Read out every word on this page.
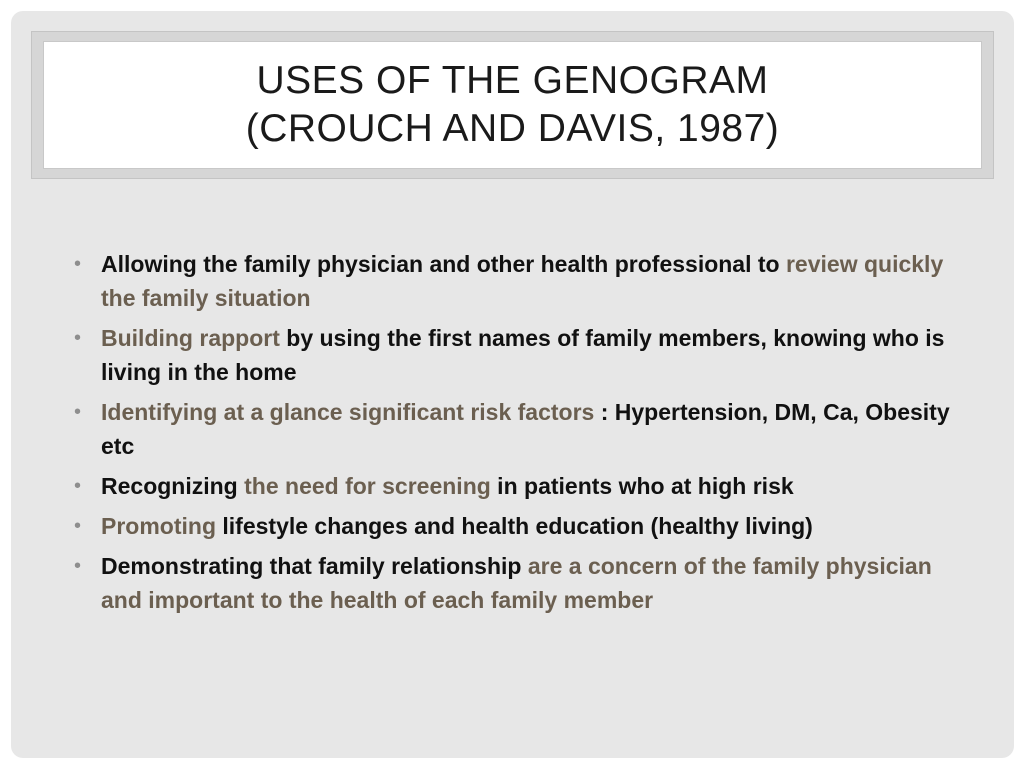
USES OF THE GENOGRAM
(CROUCH AND DAVIS, 1987)
• Allowing the family physician and other health professional to review quickly the family situation
• Building rapport by using the first names of family members, knowing who is living in the home
• Identifying at a glance significant risk factors : Hypertension, DM, Ca, Obesity etc
• Recognizing the need for screening in patients who at high risk
• Promoting lifestyle changes and health education (healthy living)
• Demonstrating that family relationship are a concern of the family physician and important to the health of each family member
